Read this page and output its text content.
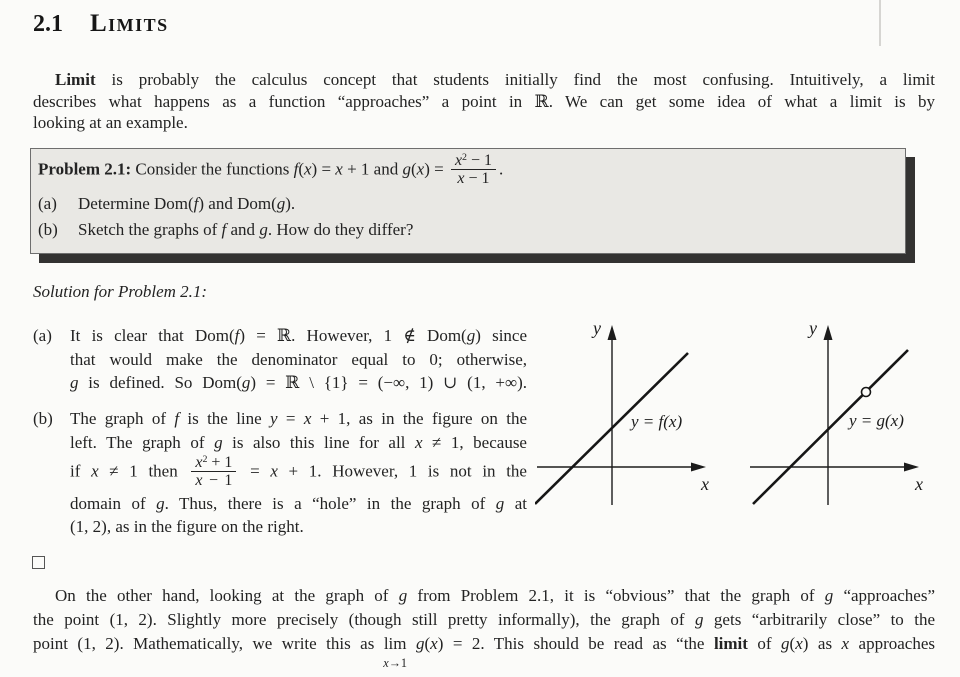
2.1 Limits
Limit is probably the calculus concept that students initially find the most confusing. Intuitively, a limit
describes what happens as a function “approaches” a point in ℝ. We can get some idea of what a limit is by
looking at an example.
Problem 2.1: Consider the functions f(x) = x + 1 and $g(x) = \frac{x^2 - 1}{x - 1}$ .
(a) Determine Dom(f) and Dom(g).
(b) Sketch the graphs of f and g. How do they differ?
Solution for Problem 2.1:
(a)	It is clear that Dom(f) = ℝ. However, 1 ∉ Dom(g) since
that would make the denominator equal to 0; otherwise,
g is defined. So Dom(g) = ℝ \ {1} = (−∞, 1) ∪ (1, +∞).
(b)	The graph of f is the line y = x + 1, as in the figure on the
left. The graph of g is also this line for all x ≠ 1, because
if x ≠ 1 then $\frac{x^2 + 1}{x - 1} = x + 1$. However, 1 is not in the
domain of g. Thus, there is a “hole” in the graph of g at
(1, 2), as in the figure on the right.
y
x
y = f(x)
y
x
y = g(x)
On the other hand, looking at the graph of g from Problem 2.1, it is “obvious” that the graph of g “approaches”
the point (1, 2). Slightly more precisely (though still pretty informally), the graph of g gets “arbitrarily close” to the
point (1, 2). Mathematically, we write this as lim
x→1
g(x) = 2. This should be read as “the limit of g(x) as x approaches
